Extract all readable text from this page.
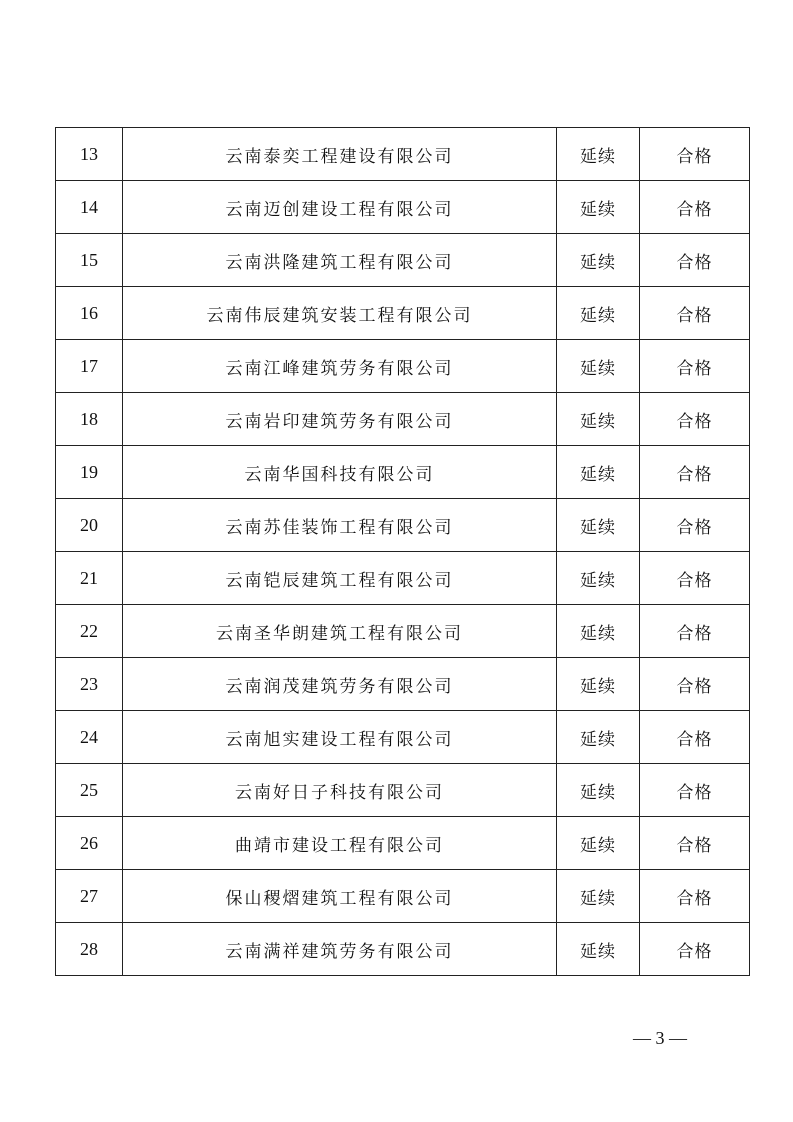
13	云南泰奕工程建设有限公司	延续	合格
14	云南迈创建设工程有限公司	延续	合格
15	云南洪隆建筑工程有限公司	延续	合格
16	云南伟辰建筑安装工程有限公司	延续	合格
17	云南江峰建筑劳务有限公司	延续	合格
18	云南岩印建筑劳务有限公司	延续	合格
19	云南华国科技有限公司	延续	合格
20	云南苏佳装饰工程有限公司	延续	合格
21	云南铠辰建筑工程有限公司	延续	合格
22	云南圣华朗建筑工程有限公司	延续	合格
23	云南润茂建筑劳务有限公司	延续	合格
24	云南旭实建设工程有限公司	延续	合格
25	云南好日子科技有限公司	延续	合格
26	曲靖市建设工程有限公司	延续	合格
27	保山稷熠建筑工程有限公司	延续	合格
28	云南满祥建筑劳务有限公司	延续	合格
— 3 —
